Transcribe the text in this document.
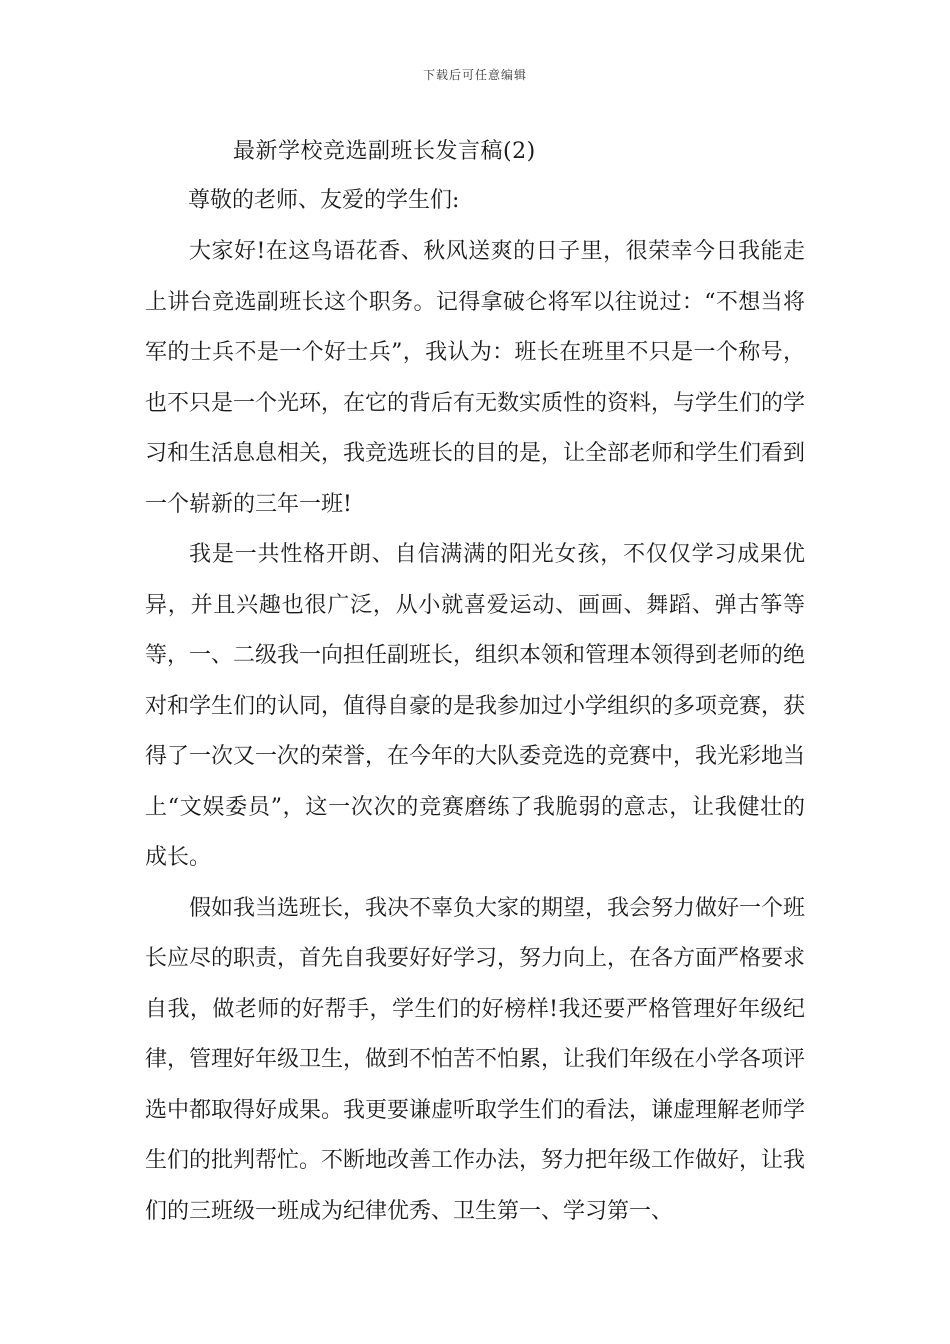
下载后可任意编辑
最新学校竞选副班长发言稿(2)
尊敬的老师、友爱的学生们:

大家好!在这鸟语花香、秋风送爽的日子里，很荣幸今日我能走上讲台竞选副班长这个职务。记得拿破仑将军以往说过：“不想当将军的士兵不是一个好士兵”，我认为：班长在班里不只是一个称号，也不只是一个光环，在它的背后有无数实质性的资料，与学生们的学习和生活息息相关，我竞选班长的目的是，让全部老师和学生们看到一个崭新的三年一班!

我是一共性格开朗、自信满满的阳光女孩，不仅仅学习成果优异，并且兴趣也很广泛，从小就喜爱运动、画画、舞蹈、弹古筝等等，一、二级我一向担任副班长，组织本领和管理本领得到老师的绝对和学生们的认同，值得自豪的是我参加过小学组织的多项竞赛，获得了一次又一次的荣誉，在今年的大队委竞选的竞赛中，我光彩地当上“文娱委员”，这一次次的竞赛磨练了我脆弱的意志，让我健壮的成长。

假如我当选班长，我决不辜负大家的期望，我会努力做好一个班长应尽的职责，首先自我要好好学习，努力向上，在各方面严格要求自我，做老师的好帮手，学生们的好榜样!我还要严格管理好年级纪律，管理好年级卫生，做到不怕苦不怕累，让我们年级在小学各项评选中都取得好成果。我更要谦虚听取学生们的看法，谦虚理解老师学生们的批判帮忙。不断地改善工作办法，努力把年级工作做好，让我们的三班级一班成为纪律优秀、卫生第一、学习第一、
